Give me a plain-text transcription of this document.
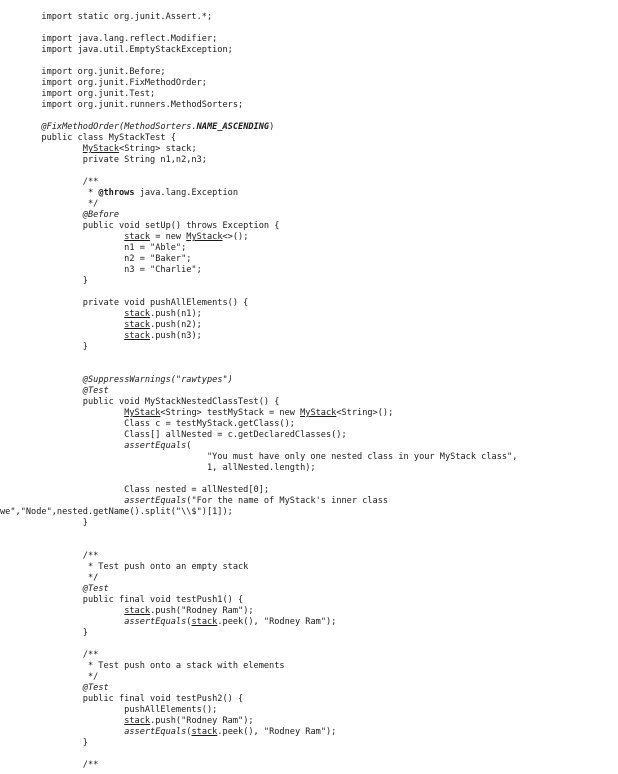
import static org.junit.Assert.*;
import java.lang.reflect.Modifier;
import java.util.EmptyStackException;
import org.junit.Before;
import org.junit.FixMethodOrder;
import org.junit.Test;
import org.junit.runners.MethodSorters;
@FixMethodOrder(MethodSorters.NAME_ASCENDING)
public class MyStackTest {
MyStack<String> stack;
private String n1,n2,n3;
/**
* @throws java.lang.Exception
*/
@Before
public void setUp() throws Exception {
stack = new MyStack<>();
n1 = "Able";
n2 = "Baker";
n3 = "Charlie";
}
private void pushAllElements() {
stack.push(n1);
stack.push(n2);
stack.push(n3);
}
@SuppressWarnings("rawtypes")
@Test
public void MyStackNestedClassTest() {
MyStack<String> testMyStack = new MyStack<String>();
Class c = testMyStack.getClass();
Class[] allNested = c.getDeclaredClasses();
assertEquals(
"You must have only one nested class in your MyStack class",
1, allNested.length);
Class nested = allNested[0];
assertEquals("For the name of MyStack's inner class
we","Node",nested.getName().split("\\$")[1]);
}
/**
* Test push onto an empty stack
*/
@Test
public final void testPush1() {
stack.push("Rodney Ram");
assertEquals(stack.peek(), "Rodney Ram");
}
/**
* Test push onto a stack with elements
*/
@Test
public final void testPush2() {
pushAllElements();
stack.push("Rodney Ram");
assertEquals(stack.peek(), "Rodney Ram");
}
/**
